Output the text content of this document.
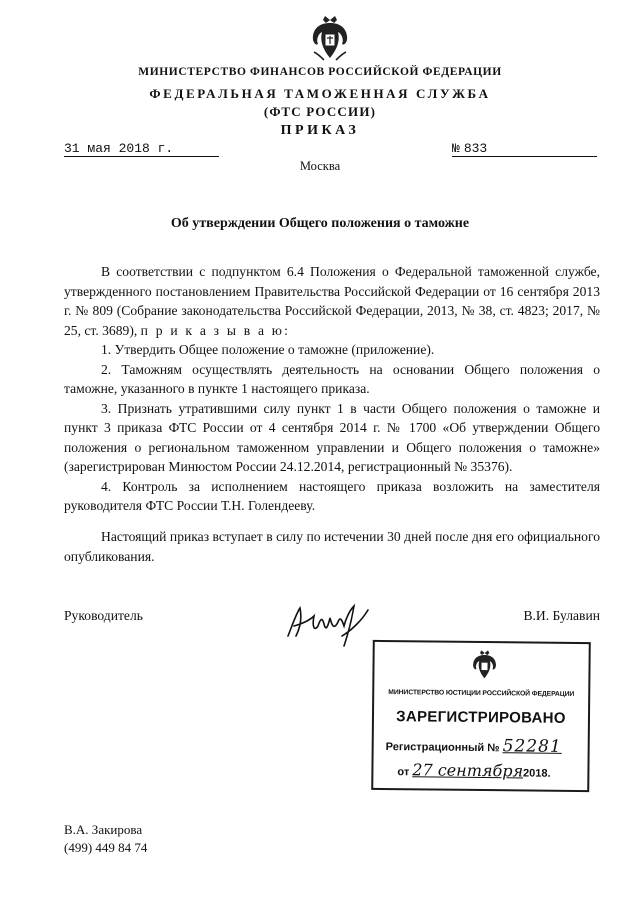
МИНИСТЕРСТВО ФИНАНСОВ РОССИЙСКОЙ ФЕДЕРАЦИИ
ФЕДЕРАЛЬНАЯ ТАМОЖЕННАЯ СЛУЖБА
(ФТС РОССИИ)
ПРИКАЗ
31 мая 2018 г.	№ 833
Москва
Об утверждении Общего положения о таможне

В соответствии с подпунктом 6.4 Положения о Федеральной таможенной службе, утвержденного постановлением Правительства Российской Федерации от 16 сентября 2013 г. № 809 (Собрание законодательства Российской Федерации, 2013, № 38, ст. 4823; 2017, № 25, ст. 3689), п р и к а з ы в а ю:

1. Утвердить Общее положение о таможне (приложение).

2. Таможням осуществлять деятельность на основании Общего положения о таможне, указанного в пункте 1 настоящего приказа.

3. Признать утратившими силу пункт 1 в части Общего положения о таможне и пункт 3 приказа ФТС России от 4 сентября 2014 г. № 1700 «Об утверждении Общего положения о региональном таможенном управлении и Общего положения о таможне» (зарегистрирован Минюстом России 24.12.2014, регистрационный № 35376).

4. Контроль за исполнением настоящего приказа возложить на заместителя руководителя ФТС России Т.Н. Голендееву.

Настоящий приказ вступает в силу по истечении 30 дней после дня его официального опубликования.

Руководитель	В.И. Булавин
МИНИСТЕРСТВО ЮСТИЦИИ РОССИЙСКОЙ ФЕДЕРАЦИИ
ЗАРЕГИСТРИРОВАНО
Регистрационный № 52281
от 27 сентября2018.
В.А. Закирова
(499) 449 84 74
